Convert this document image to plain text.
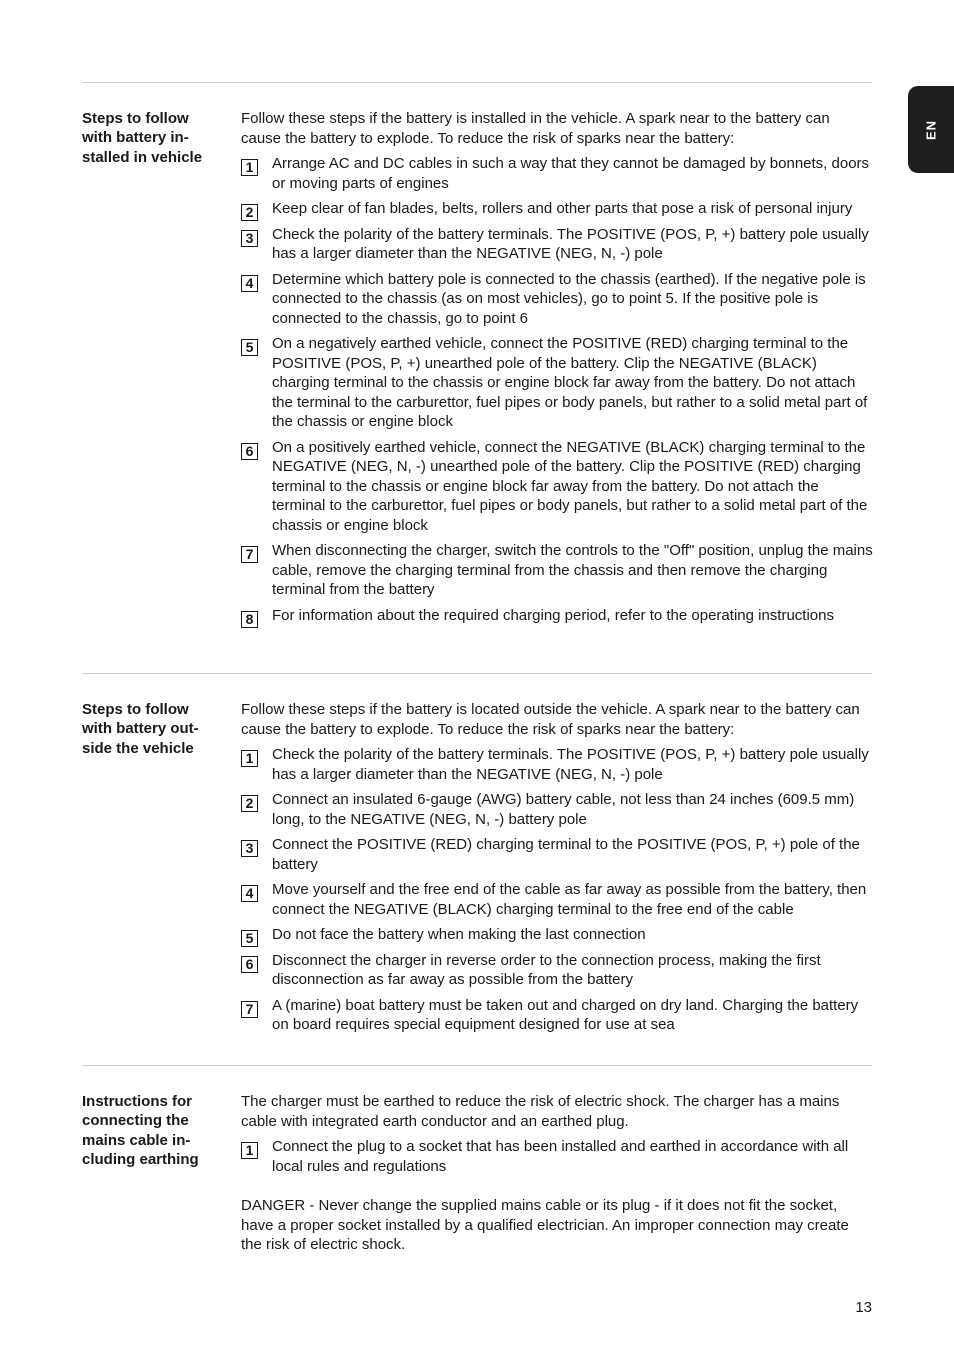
EN
Steps to follow with battery installed in vehicle

Follow these steps if the battery is installed in the vehicle. A spark near to the battery can cause the battery to explode. To reduce the risk of sparks near the battery:

1	Arrange AC and DC cables in such a way that they cannot be damaged by bonnets, doors or moving parts of engines
2	Keep clear of fan blades, belts, rollers and other parts that pose a risk of personal injury
3	Check the polarity of the battery terminals. The POSITIVE (POS, P, +) battery pole usually has a larger diameter than the NEGATIVE (NEG, N, -) pole
4	Determine which battery pole is connected to the chassis (earthed). If the negative pole is connected to the chassis (as on most vehicles), go to point 5. If the positive pole is connected to the chassis, go to point 6
5	On a negatively earthed vehicle, connect the POSITIVE (RED) charging terminal to the POSITIVE (POS, P, +) unearthed pole of the battery. Clip the NEGATIVE (BLACK) charging terminal to the chassis or engine block far away from the battery. Do not attach the terminal to the carburettor, fuel pipes or body panels, but rather to a solid metal part of the chassis or engine block
6	On a positively earthed vehicle, connect the NEGATIVE (BLACK) charging terminal to the NEGATIVE (NEG, N, -) unearthed pole of the battery. Clip the POSITIVE (RED) charging terminal to the chassis or engine block far away from the battery. Do not attach the terminal to the carburettor, fuel pipes or body panels, but rather to a solid metal part of the chassis or engine block
7	When disconnecting the charger, switch the controls to the "Off" position, unplug the mains cable, remove the charging terminal from the chassis and then remove the charging terminal from the battery
8	For information about the required charging period, refer to the operating instructions
Steps to follow with battery outside the vehicle

Follow these steps if the battery is located outside the vehicle. A spark near to the battery can cause the battery to explode. To reduce the risk of sparks near the battery:

1	Check the polarity of the battery terminals. The POSITIVE (POS, P, +) battery pole usually has a larger diameter than the NEGATIVE (NEG, N, -) pole
2	Connect an insulated 6-gauge (AWG) battery cable, not less than 24 inches (609.5 mm) long, to the NEGATIVE (NEG, N, -) battery pole
3	Connect the POSITIVE (RED) charging terminal to the POSITIVE (POS, P, +) pole of the battery
4	Move yourself and the free end of the cable as far away as possible from the battery, then connect the NEGATIVE (BLACK) charging terminal to the free end of the cable
5	Do not face the battery when making the last connection
6	Disconnect the charger in reverse order to the connection process, making the first disconnection as far away as possible from the battery
7	A (marine) boat battery must be taken out and charged on dry land. Charging the battery on board requires special equipment designed for use at sea
Instructions for connecting the mains cable including earthing

The charger must be earthed to reduce the risk of electric shock. The charger has a mains cable with integrated earth conductor and an earthed plug.

1	Connect the plug to a socket that has been installed and earthed in accordance with all local rules and regulations

DANGER - Never change the supplied mains cable or its plug - if it does not fit the socket, have a proper socket installed by a qualified electrician. An improper connection may create the risk of electric shock.

13
